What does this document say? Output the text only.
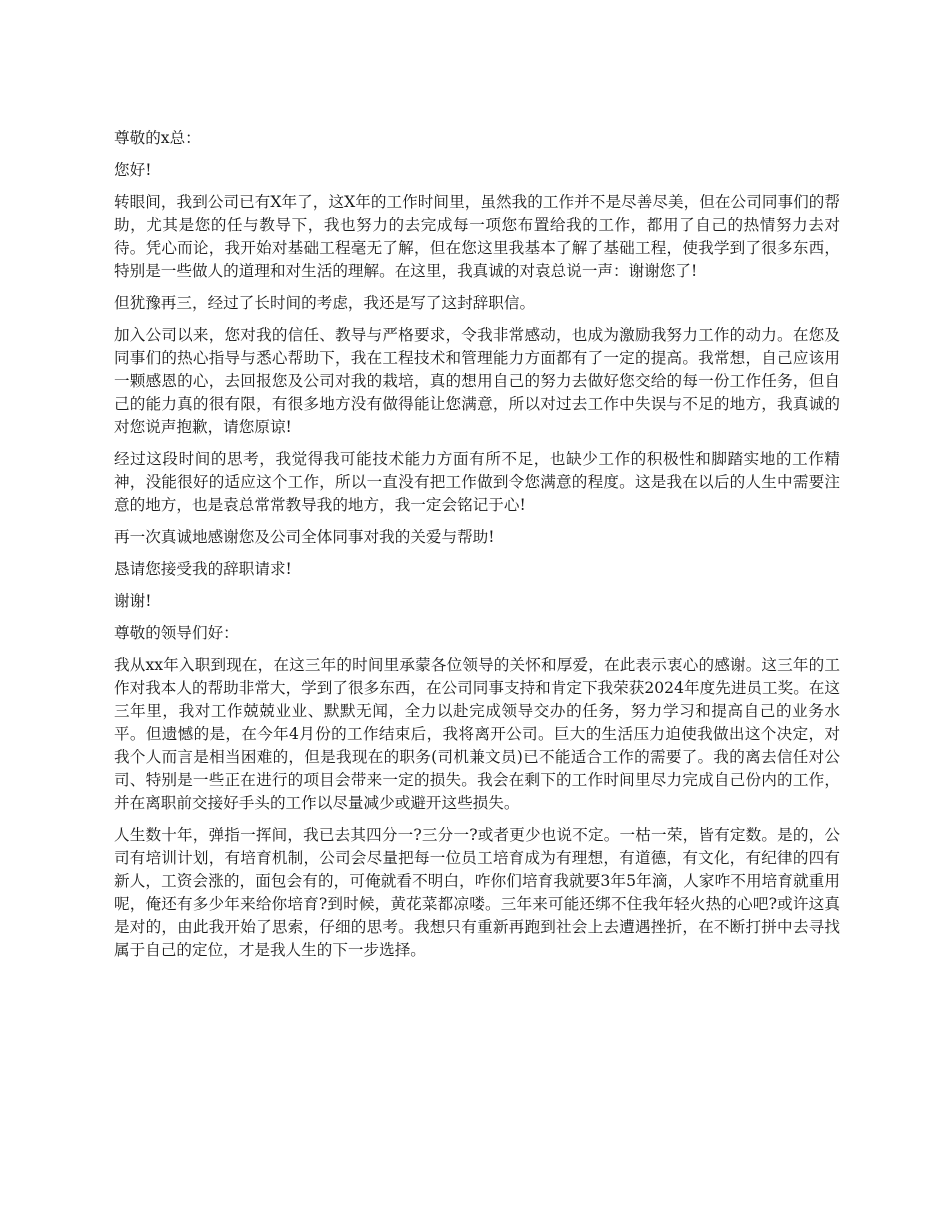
尊敬的x总：

您好!

转眼间，我到公司已有X年了，这X年的工作时间里，虽然我的工作并不是尽善尽美，但在公司同事们的帮助，尤其是您的任与教导下，我也努力的去完成每一项您布置给我的工作，都用了自己的热情努力去对待。凭心而论，我开始对基础工程毫无了解，但在您这里我基本了解了基础工程，使我学到了很多东西，特别是一些做人的道理和对生活的理解。在这里，我真诚的对袁总说一声：谢谢您了!

但犹豫再三，经过了长时间的考虑，我还是写了这封辞职信。

加入公司以来，您对我的信任、教导与严格要求，令我非常感动，也成为激励我努力工作的动力。在您及同事们的热心指导与悉心帮助下，我在工程技术和管理能力方面都有了一定的提高。我常想，自己应该用一颗感恩的心，去回报您及公司对我的栽培，真的想用自己的努力去做好您交给的每一份工作任务，但自己的能力真的很有限，有很多地方没有做得能让您满意，所以对过去工作中失误与不足的地方，我真诚的对您说声抱歉，请您原谅!

经过这段时间的思考，我觉得我可能技术能力方面有所不足，也缺少工作的积极性和脚踏实地的工作精神，没能很好的适应这个工作，所以一直没有把工作做到令您满意的程度。这是我在以后的人生中需要注意的地方，也是袁总常常教导我的地方，我一定会铭记于心!

再一次真诚地感谢您及公司全体同事对我的关爱与帮助!

恳请您接受我的辞职请求!

谢谢!

尊敬的领导们好：

我从xx年入职到现在，在这三年的时间里承蒙各位领导的关怀和厚爱，在此表示衷心的感谢。这三年的工作对我本人的帮助非常大，学到了很多东西，在公司同事支持和肯定下我荣获2024年度先进员工奖。在这三年里，我对工作兢兢业业、默默无闻，全力以赴完成领导交办的任务，努力学习和提高自己的业务水平。但遗憾的是，在今年4月份的工作结束后，我将离开公司。巨大的生活压力迫使我做出这个决定，对我个人而言是相当困难的，但是我现在的职务(司机兼文员)已不能适合工作的需要了。我的离去信任对公司、特别是一些正在进行的项目会带来一定的损失。我会在剩下的工作时间里尽力完成自己份内的工作，并在离职前交接好手头的工作以尽量减少或避开这些损失。

人生数十年，弹指一挥间，我已去其四分一?三分一?或者更少也说不定。一枯一荣，皆有定数。是的，公司有培训计划，有培育机制，公司会尽量把每一位员工培育成为有理想，有道德，有文化，有纪律的四有新人，工资会涨的，面包会有的，可俺就看不明白，咋你们培育我就要3年5年滴，人家咋不用培育就重用呢，俺还有多少年来给你培育?到时候，黄花菜都凉喽。三年来可能还绑不住我年轻火热的心吧?或许这真是对的，由此我开始了思索，仔细的思考。我想只有重新再跑到社会上去遭遇挫折，在不断打拼中去寻找属于自己的定位，才是我人生的下一步选择。
